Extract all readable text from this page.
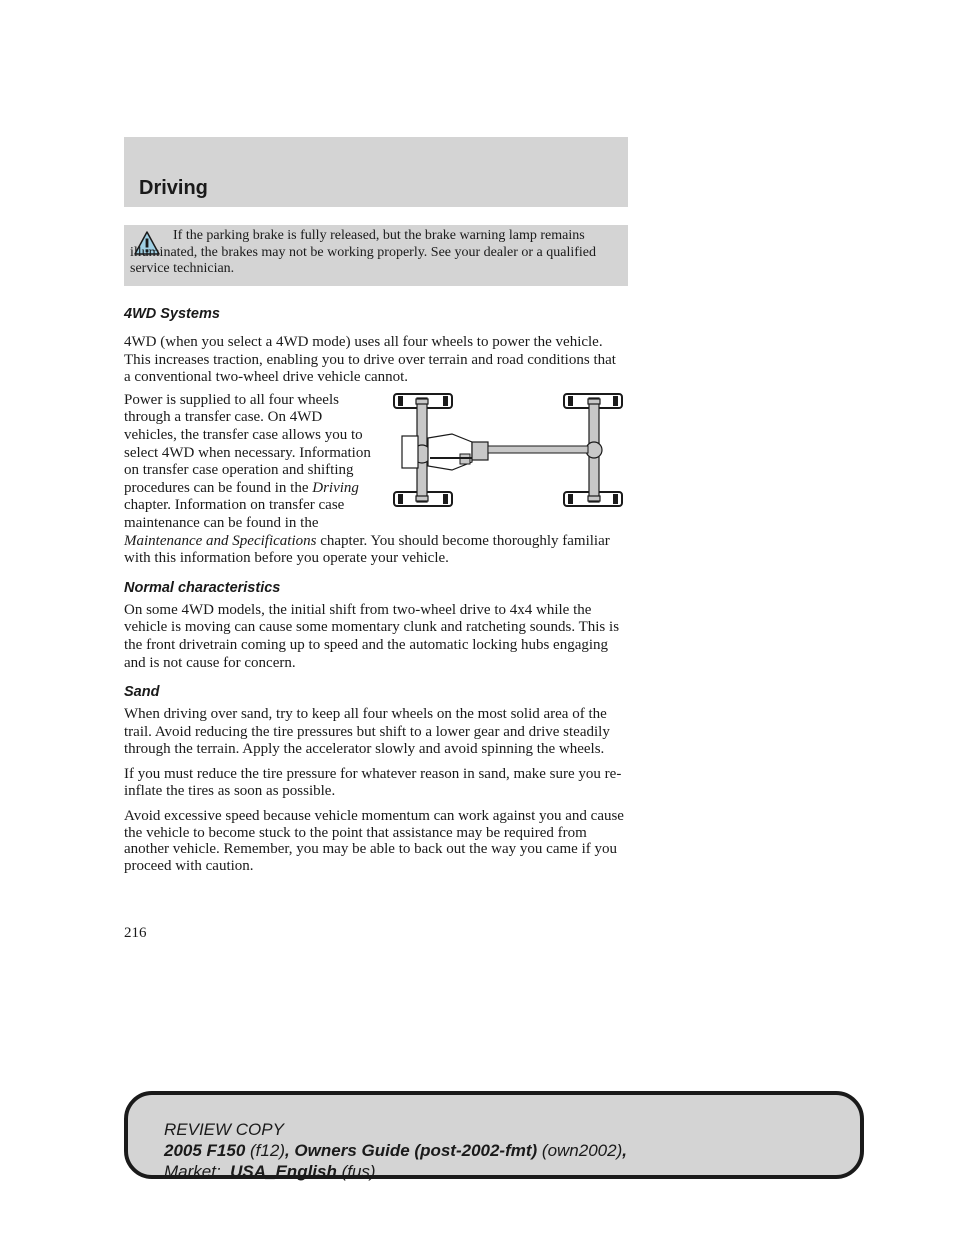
Driving

If the parking brake is fully released, but the brake warning lamp remains illuminated, the brakes may not be working properly. See your dealer or a qualified service technician.

4WD Systems

4WD (when you select a 4WD mode) uses all four wheels to power the vehicle. This increases traction, enabling you to drive over terrain and road conditions that a conventional two-wheel drive vehicle cannot.

Power is supplied to all four wheels through a transfer case. On 4WD vehicles, the transfer case allows you to select 4WD when necessary. Information on transfer case operation and shifting procedures can be found in the Driving chapter. Information on transfer case maintenance can be found in the Maintenance and Specifications chapter. You should become thoroughly familiar with this information before you operate your vehicle.

Normal characteristics

On some 4WD models, the initial shift from two-wheel drive to 4x4 while the vehicle is moving can cause some momentary clunk and ratcheting sounds. This is the front drivetrain coming up to speed and the automatic locking hubs engaging and is not cause for concern.

Sand

When driving over sand, try to keep all four wheels on the most solid area of the trail. Avoid reducing the tire pressures but shift to a lower gear and drive steadily through the terrain. Apply the accelerator slowly and avoid spinning the wheels.

If you must reduce the tire pressure for whatever reason in sand, make sure you re-inflate the tires as soon as possible.

Avoid excessive speed because vehicle momentum can work against you and cause the vehicle to become stuck to the point that assistance may be required from another vehicle. Remember, you may be able to back out the way you came if you proceed with caution.

216
REVIEW COPY
2005 F150 (f12), Owners Guide (post-2002-fmt) (own2002),
Market:  USA_English (fus)
